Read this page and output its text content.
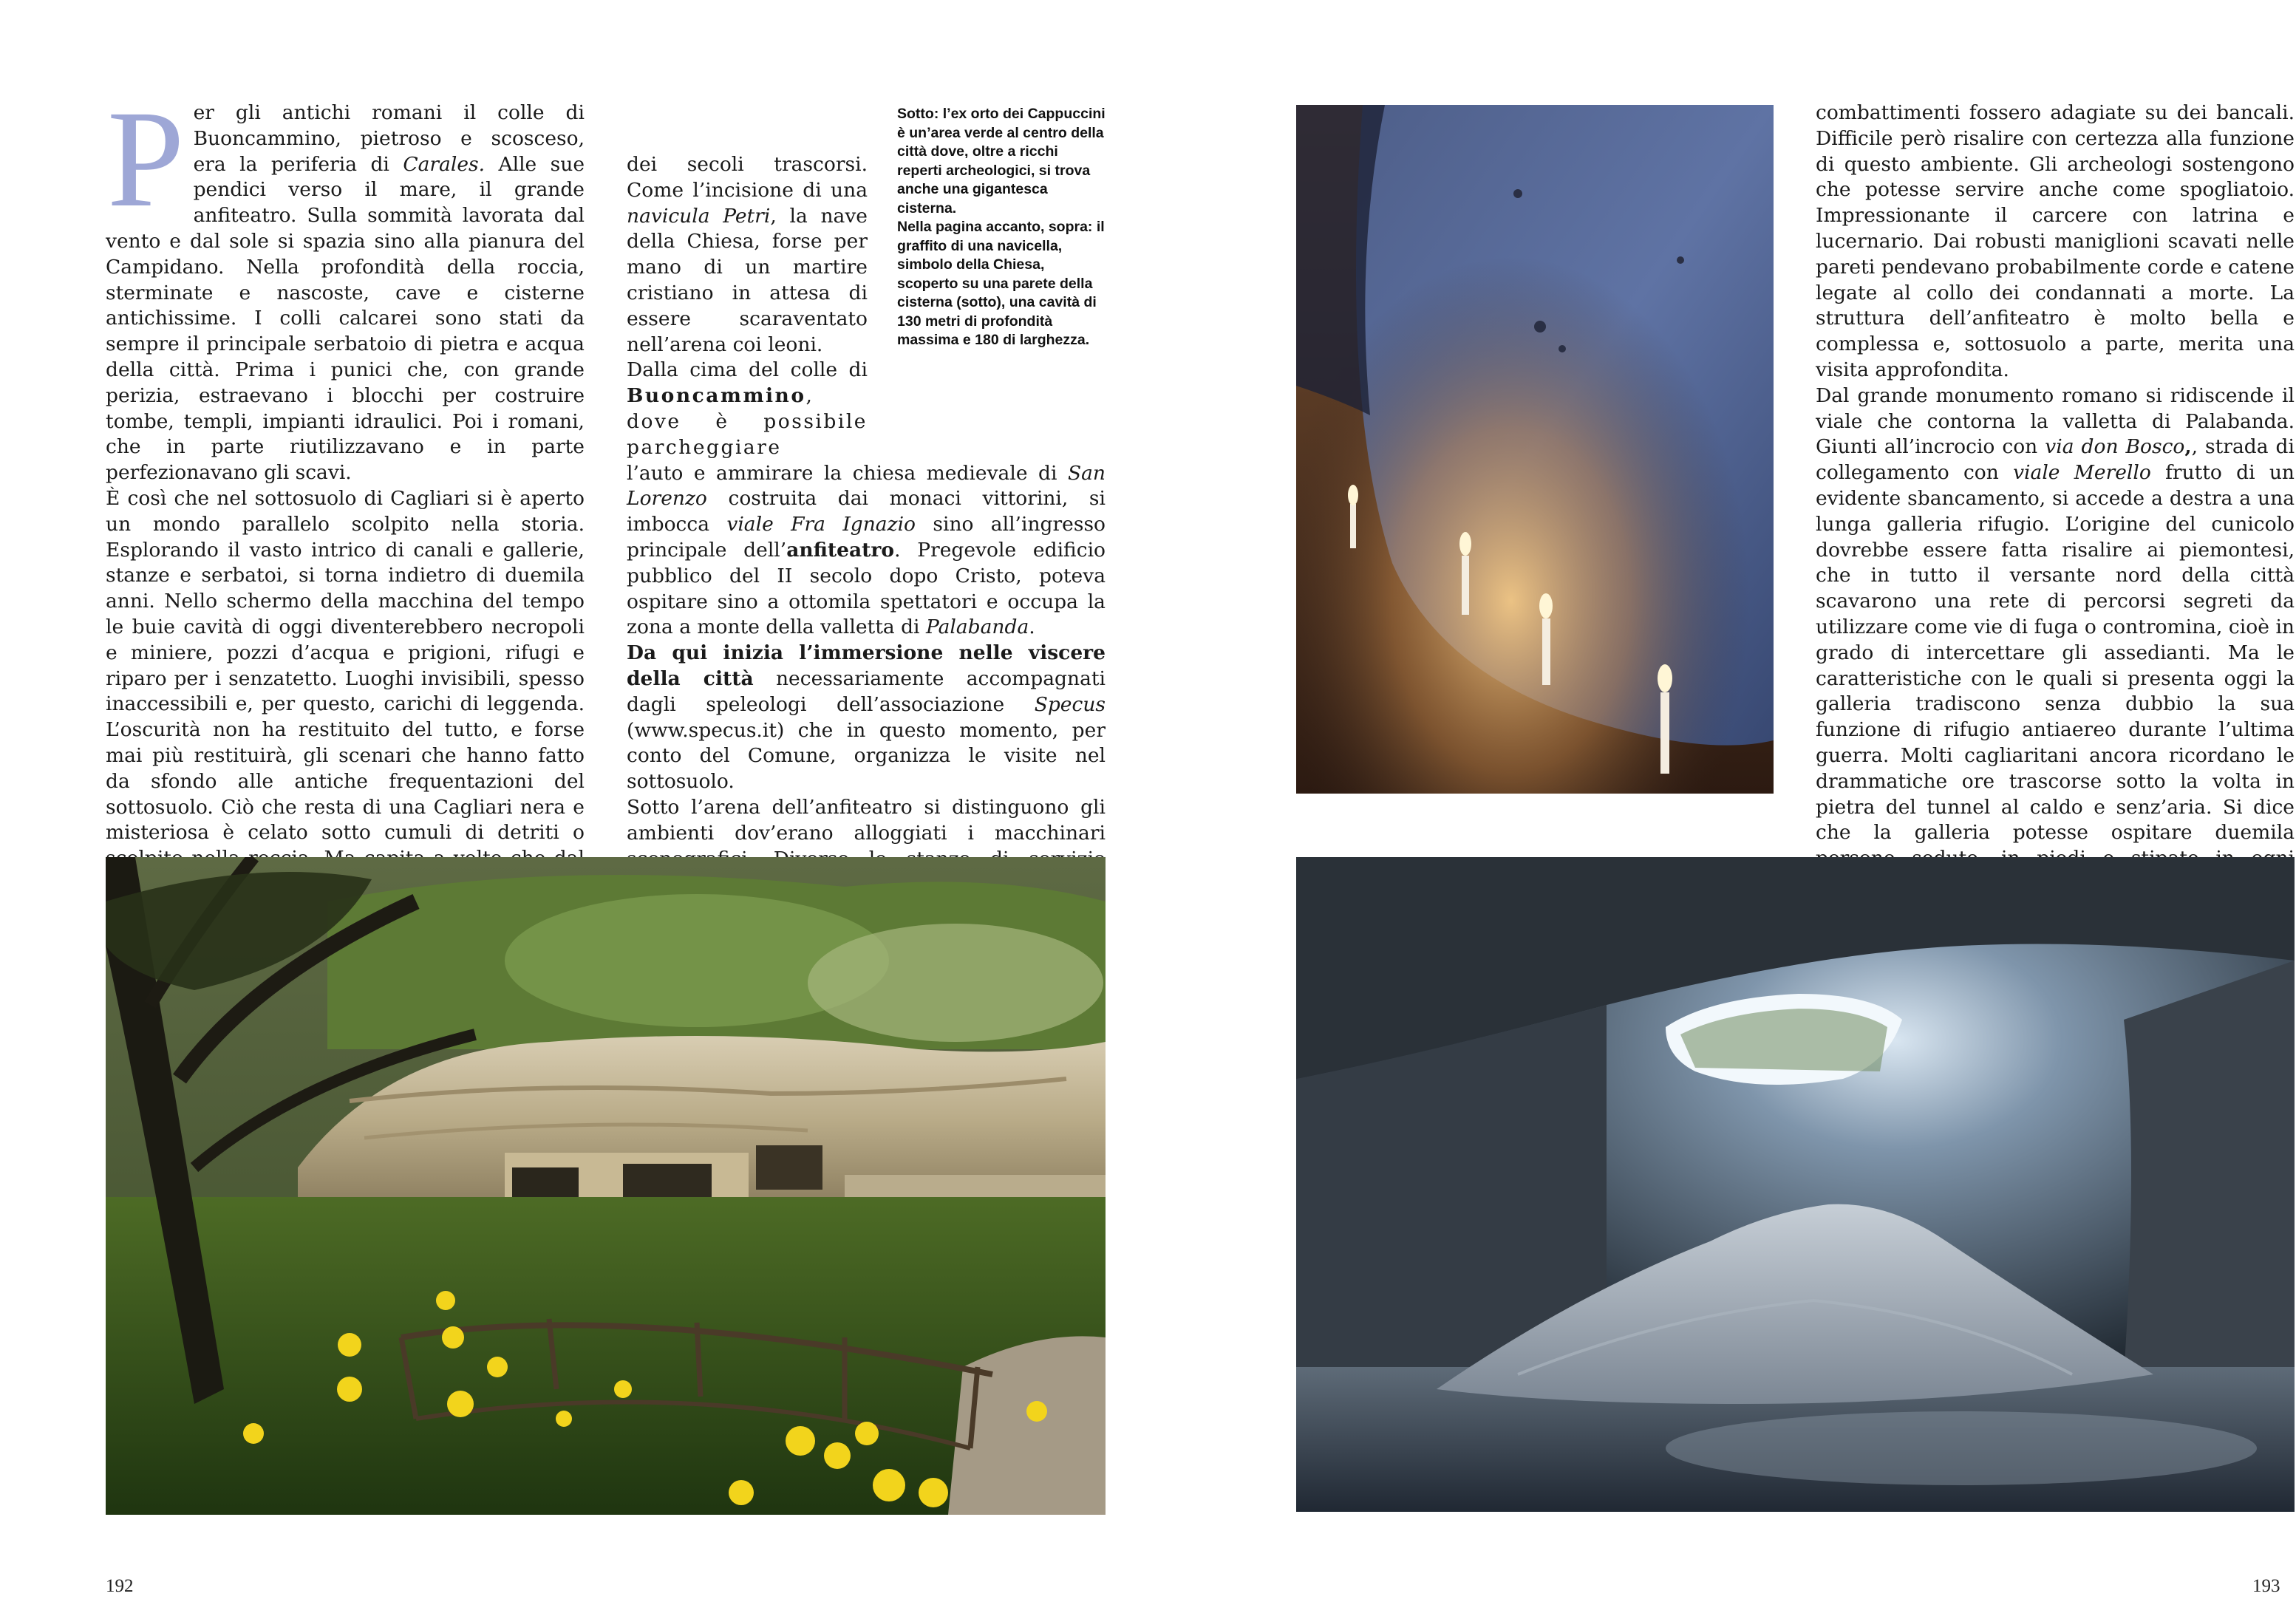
Per gli antichi romani il colle di Buoncammino, pietroso e scosceso, era la periferia di Carales. Alle sue pendici verso il mare, il grande anfiteatro. Sulla sommità lavorata dal vento e dal sole si spazia sino alla pianura del Campidano. Nella profondità della roccia, sterminate e nascoste, cave e cisterne antichissime. I colli calcarei sono stati da sempre il principale serbatoio di pietra e acqua della città. Prima i punici che, con grande perizia, estraevano i blocchi per costruire tombe, templi, impianti idraulici. Poi i romani, che in parte riutilizzavano e in parte perfezionavano gli scavi.

È così che nel sottosuolo di Cagliari si è aperto un mondo parallelo scolpito nella storia. Esplorando il vasto intrico di canali e gallerie, stanze e serbatoi, si torna indietro di duemila anni. Nello schermo della macchina del tempo le buie cavità di oggi diventerebbero necropoli e miniere, pozzi d’acqua e prigioni, rifugi e riparo per i senzatetto. Luoghi invisibili, spesso inaccessibili e, per questo, carichi di leggenda. L’oscurità non ha restituito del tutto, e forse mai più restituirà, gli scenari che hanno fatto da sfondo alle antiche frequentazioni del sottosuolo. Ciò che resta di una Cagliari nera e misteriosa è celato sotto cumuli di detriti o

dei secoli trascorsi. Come l’incisione di una navicula Petri, la nave della Chiesa, forse per mano di un martire cristiano in attesa di essere scaraventato nell’arena coi leoni.

Dalla cima del colle di Buoncammino, dove è possibile parcheggiare
l’auto e ammirare la chiesa medievale di San Lorenzo costruita dai monaci vittorini, si imbocca viale Fra Ignazio sino all’ingresso principale dell’anfiteatro. Pregevole edificio pubblico del II secolo dopo Cristo, poteva ospitare sino a ottomila spettatori e occupa la zona a monte della valletta di Palabanda.

Da qui inizia l’immersione nelle viscere della città necessariamente accompagnati dagli speleologi dell’associazione Specus (www.specus.it) che in questo momento, per conto del Comune, organizza le visite nel sottosuolo.

Sotto l’arena dell’anfiteatro si distinguono gli ambienti dov’erano alloggiati i macchinari

Sotto: l’ex orto dei Cappuccini è un’area verde al centro della città dove, oltre a ricchi reperti archeologici, si trova anche una gigantesca cisterna.
Nella pagina accanto, sopra: il graffito di una navicella, simbolo della Chiesa, scoperto su una parete della cisterna (sotto), una cavità di 130 metri di profondità massima e 180 di larghezza.
192

combattimenti fossero adagiate su dei bancali. Difficile però risalire con certezza alla funzione di questo ambiente. Gli archeologi sostengono che potesse servire anche come spogliatoio. Impressionante il carcere con latrina e lucernario. Dai robusti maniglioni scavati nelle pareti pendevano probabilmente corde e catene legate al collo dei condannati a morte. La struttura dell’anfiteatro è molto bella e complessa e, sottosuolo a parte, merita una visita approfondita.

Dal grande monumento romano si ridiscende il viale che contorna la valletta di Palabanda. Giunti all’incrocio con via don Bosco,, strada di collegamento con viale Merello frutto di un evidente sbancamento, si accede a destra a una lunga galleria rifugio. L’origine del cunicolo dovrebbe essere fatta risalire ai piemontesi, che in tutto il versante nord della città scavarono una rete di percorsi segreti da utilizzare come vie di fuga o contromina, cioè in grado di intercettare gli assedianti. Ma le caratteristiche con le quali si presenta oggi la galleria tradiscono senza dubbio la sua funzione di rifugio antiaereo durante l’ultima guerra. Molti cagliaritani ancora ricordano le drammatiche ore trascorse sotto la volta in pietra del tunnel al caldo e senz’aria. Si dice che la galleria potesse ospitare duemila

193
